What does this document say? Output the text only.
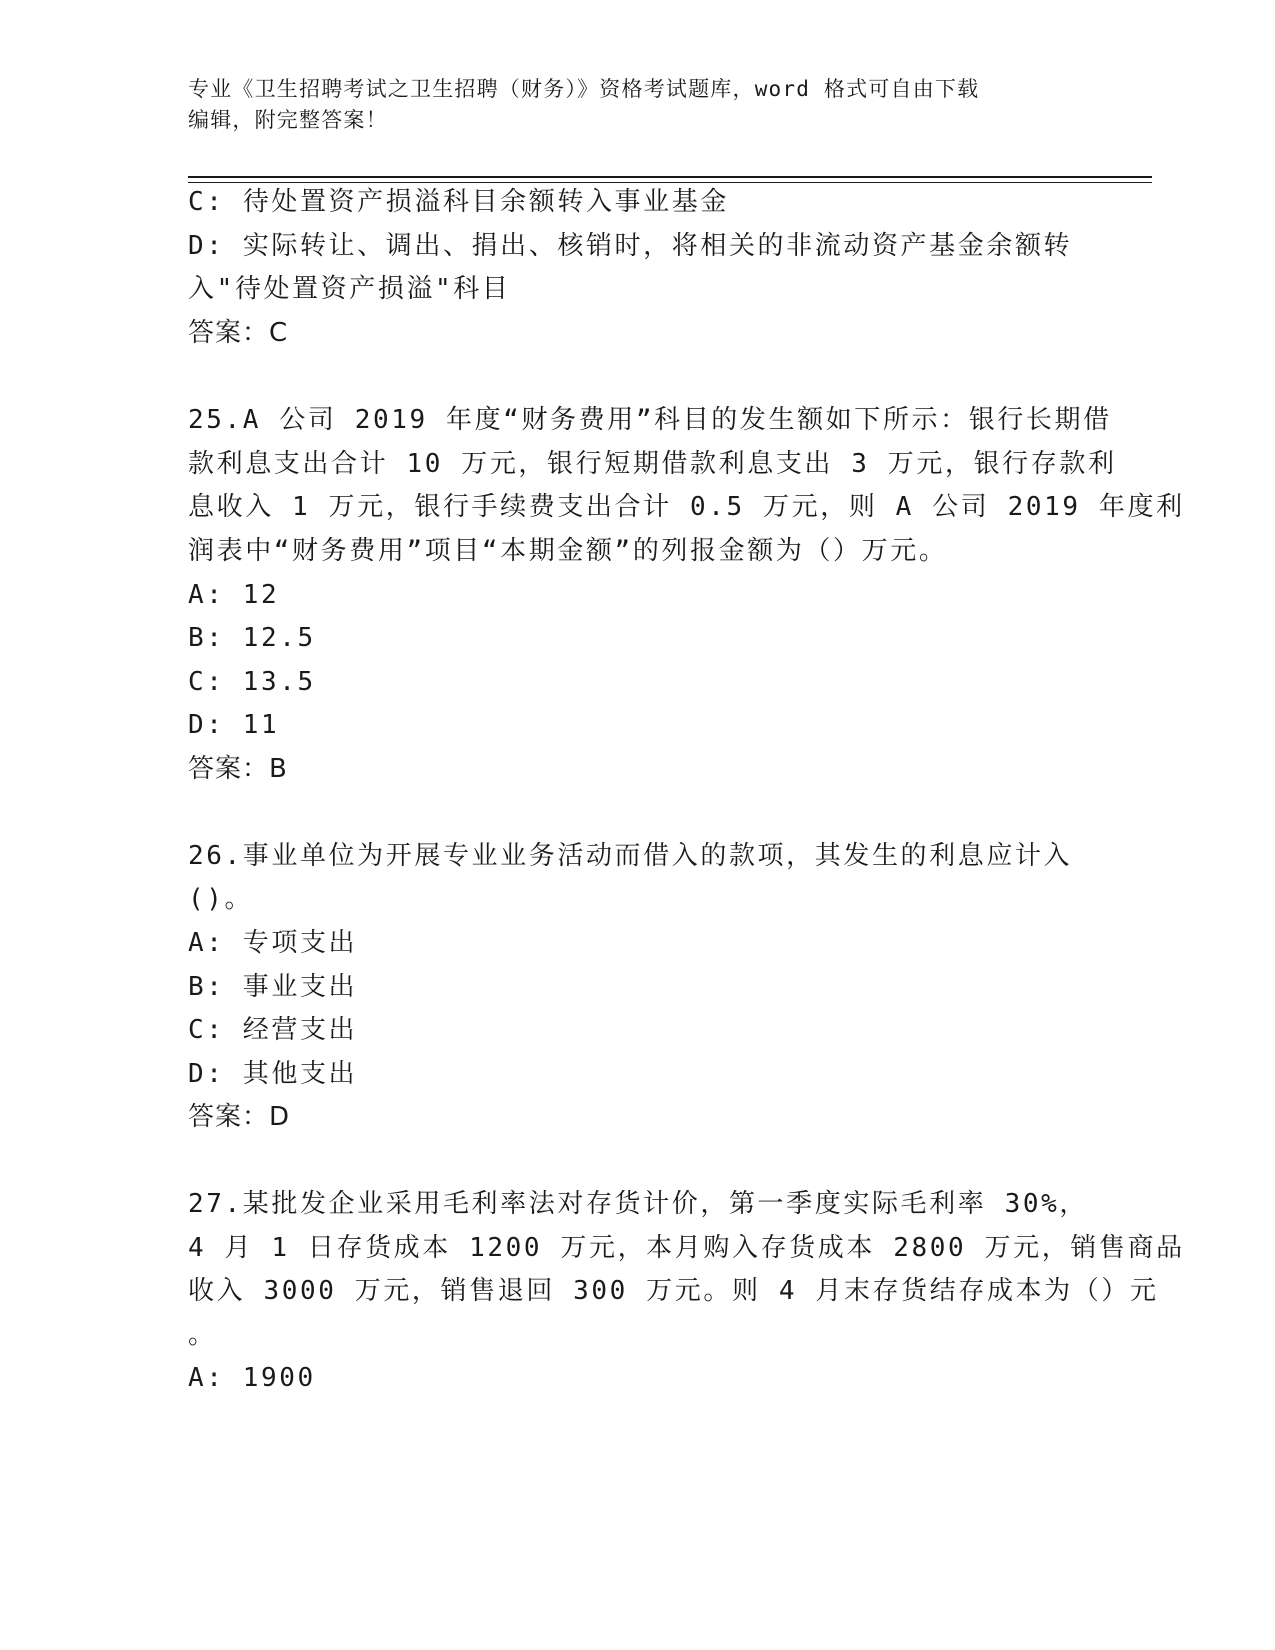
专业《卫生招聘考试之卫生招聘（财务）》资格考试题库，word 格式可自由下载
编辑，附完整答案！
C: 待处置资产损溢科目余额转入事业基金
D: 实际转让、调出、捐出、核销时，将相关的非流动资产基金余额转
入"待处置资产损溢"科目
答案：C
25.A 公司 2019 年度“财务费用”科目的发生额如下所示：银行长期借
款利息支出合计 10 万元，银行短期借款利息支出 3 万元，银行存款利
息收入 1 万元，银行手续费支出合计 0.5 万元，则 A 公司 2019 年度利
润表中“财务费用”项目“本期金额”的列报金额为（）万元。
A: 12
B: 12.5
C: 13.5
D: 11
答案：B
26.事业单位为开展专业业务活动而借入的款项，其发生的利息应计入
()。
A: 专项支出
B: 事业支出
C: 经营支出
D: 其他支出
答案：D
27.某批发企业采用毛利率法对存货计价，第一季度实际毛利率 30%，
4 月 1 日存货成本 1200 万元，本月购入存货成本 2800 万元，销售商品
收入 3000 万元，销售退回 300 万元。则 4 月末存货结存成本为（）元
。
A: 1900
